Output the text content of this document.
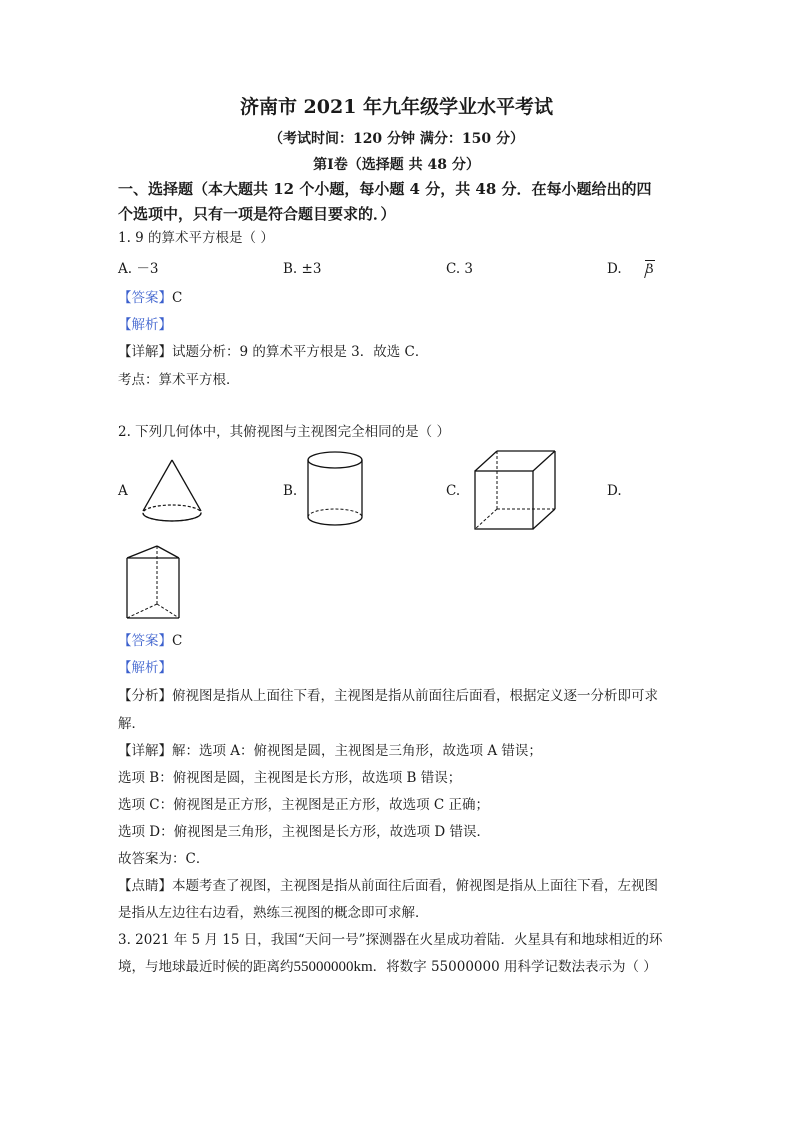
济南市 2021 年九年级学业水平考试
（考试时间：120 分钟 满分：150 分）
第Ⅰ卷（选择题 共 48 分）
一、选择题（本大题共 12 个小题，每小题 4 分，共 48 分．在每小题给出的四
个选项中，只有一项是符合题目要求的．）
1. 9 的算术平方根是（ ）
A. －3	B. ±3	C. 3	D. 3
【答案】C
【解析】
【详解】试题分析：9 的算术平方根是 3．故选 C．
考点：算术平方根．
2. 下列几何体中，其俯视图与主视图完全相同的是（ ）
A	B.	C.	D.
【答案】C
【解析】
【分析】俯视图是指从上面往下看，主视图是指从前面往后面看，根据定义逐一分析即可求
解．
【详解】解：选项 A：俯视图是圆，主视图是三角形，故选项 A 错误；
选项 B：俯视图是圆，主视图是长方形，故选项 B 错误；
选项 C：俯视图是正方形，主视图是正方形，故选项 C 正确；
选项 D：俯视图是三角形，主视图是长方形，故选项 D 错误．
故答案为：C．
【点睛】本题考查了视图，主视图是指从前面往后面看，俯视图是指从上面往下看，左视图
是指从左边往右边看，熟练三视图的概念即可求解．
3. 2021 年 5 月 15 日，我国“天问一号”探测器在火星成功着陆．火星具有和地球相近的环
境，与地球最近时候的距离约55000000km．将数字 55000000 用科学记数法表示为（ ）
